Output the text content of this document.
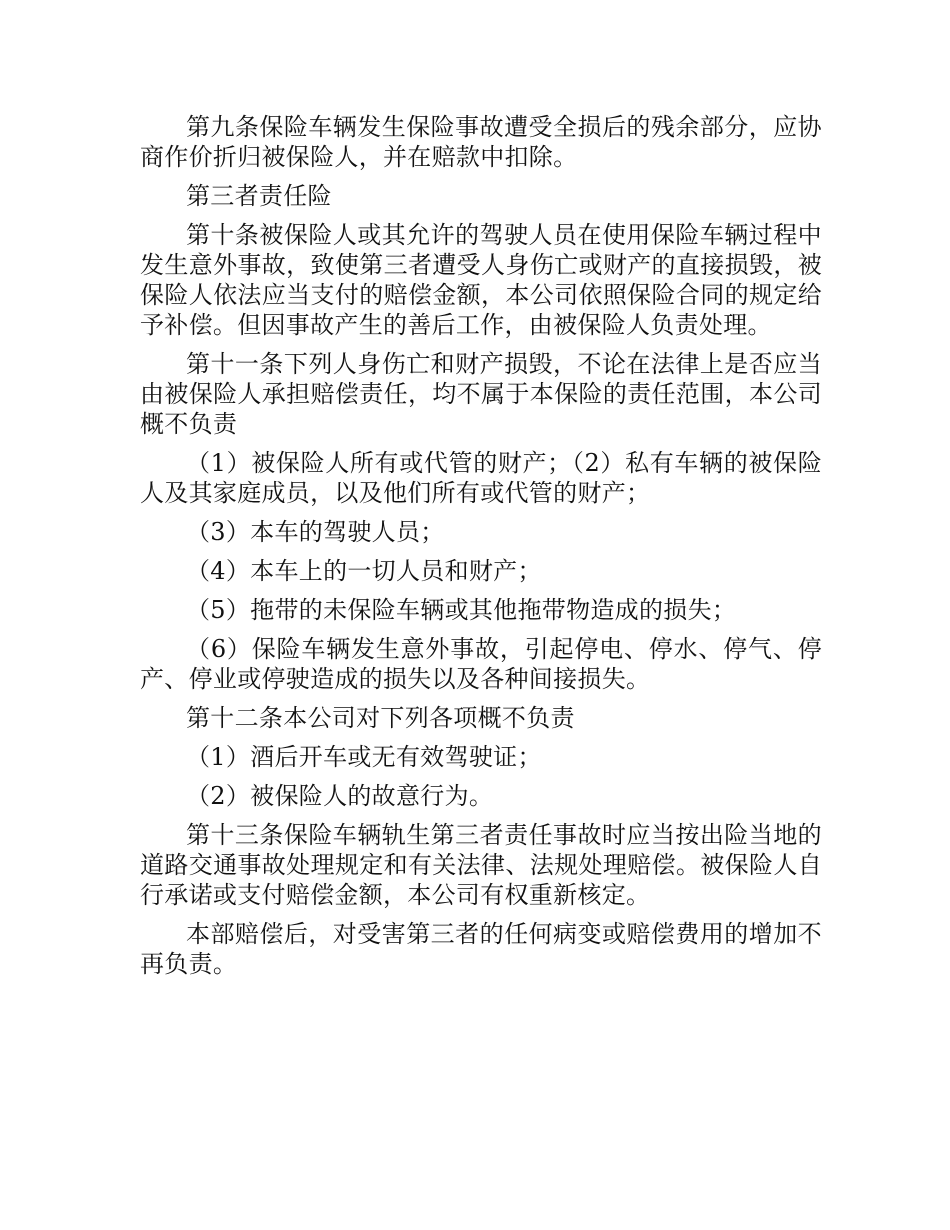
第九条保险车辆发生保险事故遭受全损后的残余部分，应协商作价折归被保险人，并在赔款中扣除。

第三者责任险

第十条被保险人或其允许的驾驶人员在使用保险车辆过程中发生意外事故，致使第三者遭受人身伤亡或财产的直接损毁，被保险人依法应当支付的赔偿金额，本公司依照保险合同的规定给予补偿。但因事故产生的善后工作，由被保险人负责处理。

第十一条下列人身伤亡和财产损毁，不论在法律上是否应当由被保险人承担赔偿责任，均不属于本保险的责任范围，本公司概不负责

（1）被保险人所有或代管的财产；（2）私有车辆的被保险人及其家庭成员，以及他们所有或代管的财产；

（3）本车的驾驶人员；

（4）本车上的一切人员和财产；

（5）拖带的未保险车辆或其他拖带物造成的损失；

（6）保险车辆发生意外事故，引起停电、停水、停气、停产、停业或停驶造成的损失以及各种间接损失。

第十二条本公司对下列各项概不负责

（1）酒后开车或无有效驾驶证；

（2）被保险人的故意行为。

第十三条保险车辆轨生第三者责任事故时应当按出险当地的道路交通事故处理规定和有关法律、法规处理赔偿。被保险人自行承诺或支付赔偿金额，本公司有权重新核定。

本部赔偿后，对受害第三者的任何病变或赔偿费用的增加不再负责。
